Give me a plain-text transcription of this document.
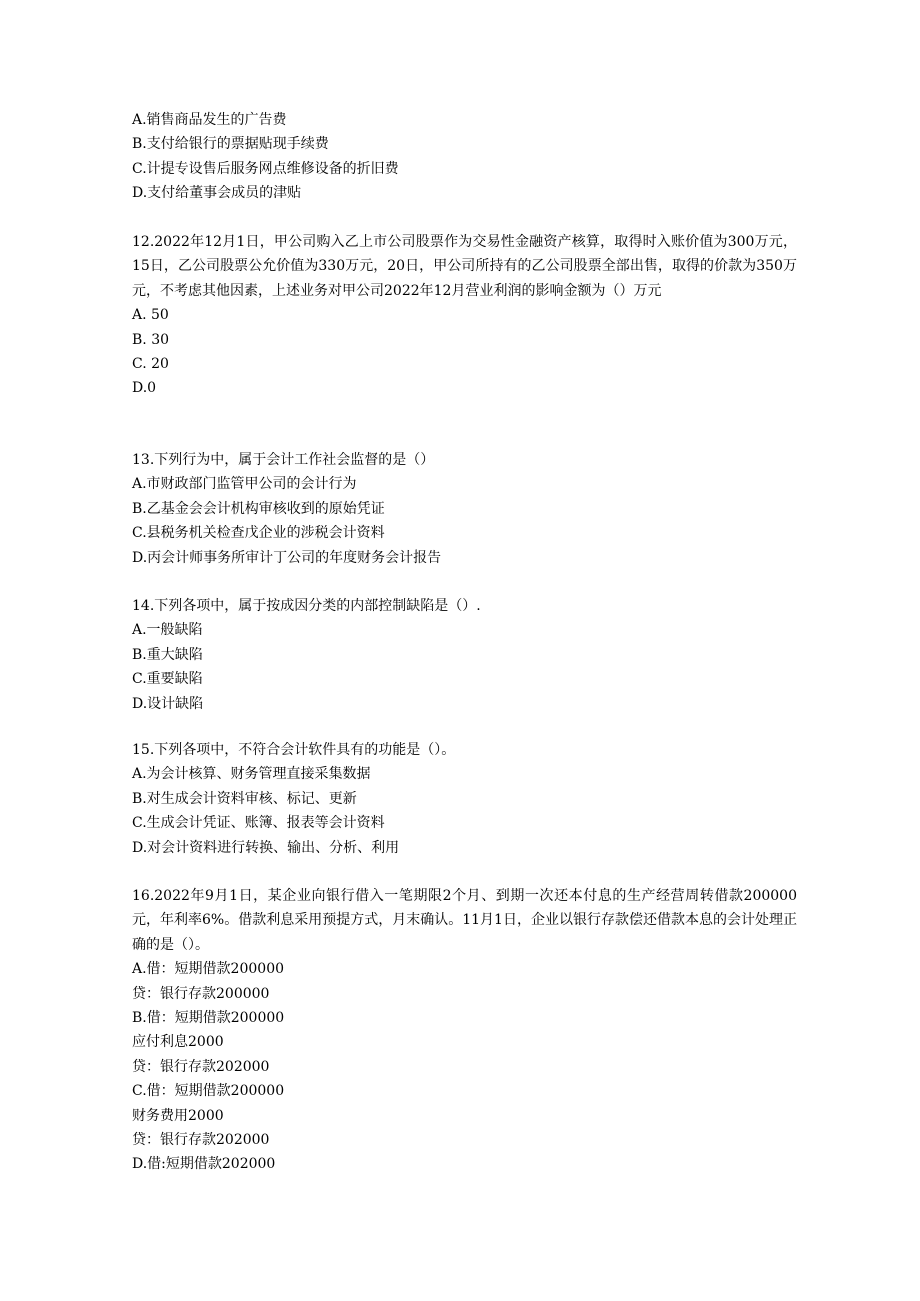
A.销售商品发生的广告费
B.支付给银行的票据贴现手续费
C.计提专设售后服务网点维修设备的折旧费
D.支付给董事会成员的津贴
12.2022年12月1日，甲公司购入乙上市公司股票作为交易性金融资产核算，取得时入账价值为300万元，15日，乙公司股票公允价值为330万元，20日，甲公司所持有的乙公司股票全部出售，取得的价款为350万元，不考虑其他因素，上述业务对甲公司2022年12月营业利润的影响金额为（）万元
A. 50
B. 30
C. 20
D.0
13.下列行为中，属于会计工作社会监督的是（）
A.市财政部门监管甲公司的会计行为
B.乙基金会会计机构审核收到的原始凭证
C.县税务机关检查戊企业的涉税会计资料
D.丙会计师事务所审计丁公司的年度财务会计报告
14.下列各项中，属于按成因分类的内部控制缺陷是（）.
A.一般缺陷
B.重大缺陷
C.重要缺陷
D.设计缺陷
15.下列各项中，不符合会计软件具有的功能是（）。
A.为会计核算、财务管理直接采集数据
B.对生成会计资料审核、标记、更新
C.生成会计凭证、账簿、报表等会计资料
D.对会计资料进行转换、输出、分析、利用
16.2022年9月1日，某企业向银行借入一笔期限2个月、到期一次还本付息的生产经营周转借款200000元，年利率6%。借款利息采用预提方式，月末确认。11月1日，企业以银行存款偿还借款本息的会计处理正确的是（）。
A.借：短期借款200000
贷：银行存款200000
B.借：短期借款200000
应付利息2000
贷：银行存款202000
C.借：短期借款200000
财务费用2000
贷：银行存款202000
D.借:短期借款202000
